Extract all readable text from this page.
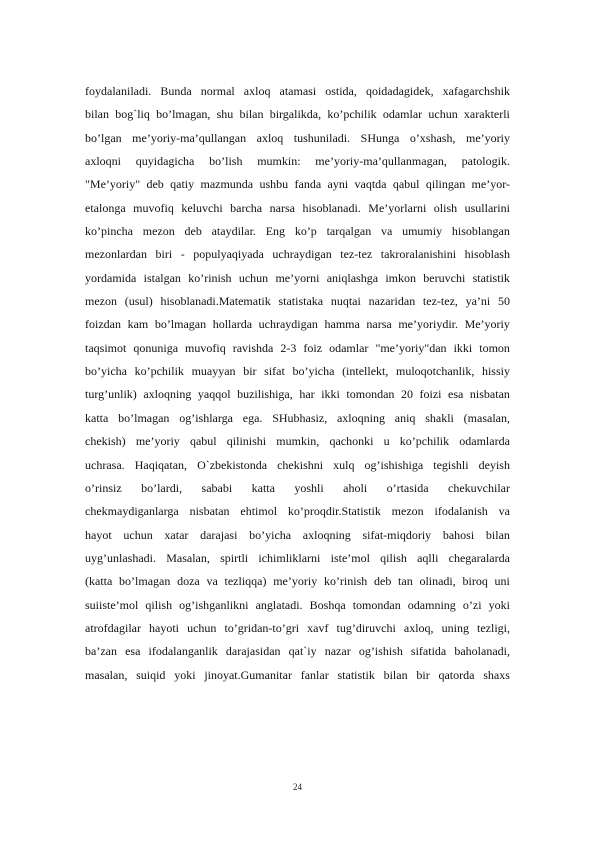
foydalaniladi. Bunda normal axloq atamasi ostida, qoidadagidek, xafagarchshik
bilan bog`liq bo’lmagan, shu bilan birgalikda, ko’pchilik odamlar uchun xarakterli
bo’lgan me’yoriy-ma’qullangan axloq tushuniladi. SHunga o’xshash, me’yoriy
axloqni quyidagicha bo’lish mumkin: me’yoriy-ma’qullanmagan, patologik.
"Me’yoriy" deb qatiy mazmunda ushbu fanda ayni vaqtda qabul qilingan me’yor-
etalonga muvofiq keluvchi barcha narsa hisoblanadi. Me’yorlarni olish usullarini
ko’pincha mezon deb ataydilar. Eng ko’p tarqalgan va umumiy hisoblangan
mezonlardan biri - populyaqiyada uchraydigan tez-tez takroralanishini hisoblash
yordamida istalgan ko’rinish uchun me’yorni aniqlashga imkon beruvchi statistik
mezon (usul) hisoblanadi.Matematik statistaka nuqtai nazaridan tez-tez, ya’ni 50
foizdan kam bo’lmagan hollarda uchraydigan hamma narsa me’yoriydir. Me’yoriy
taqsimot qonuniga muvofiq ravishda 2-3 foiz odamlar "me’yoriy"dan ikki tomon
bo’yicha ko’pchilik muayyan bir sifat bo’yicha (intellekt, muloqotchanlik, hissiy
turg’unlik) axloqning yaqqol buzilishiga, har ikki tomondan 20 foizi esa nisbatan
katta bo’lmagan og’ishlarga ega. SHubhasiz, axloqning aniq shakli (masalan,
chekish) me’yoriy qabul qilinishi mumkin, qachonki u ko’pchilik odamlarda
uchrasa. Haqiqatan, O`zbekistonda chekishni xulq og’ishishiga tegishli deyish
o’rinsiz bo’lardi, sababi katta yoshli aholi o’rtasida chekuvchilar
chekmaydiganlarga nisbatan ehtimol ko’proqdir.Statistik mezon ifodalanish va
hayot uchun xatar darajasi bo’yicha axloqning sifat-miqdoriy bahosi bilan
uyg’unlashadi. Masalan, spirtli ichimliklarni iste’mol qilish aqlli chegaralarda
(katta bo’lmagan doza va tezliqqa) me’yoriy ko’rinish deb tan olinadi, biroq uni
suiiste’mol qilish og’ishganlikni anglatadi. Boshqa tomondan odamning o’zi yoki
atrofdagilar hayoti uchun to’gridan-to’gri xavf tug’diruvchi axloq, uning tezligi,
ba’zan esa ifodalanganlik darajasidan qat`iy nazar og’ishish sifatida baholanadi,
masalan, suiqid yoki jinoyat.Gumanitar fanlar statistik bilan bir qatorda shaxs
24
